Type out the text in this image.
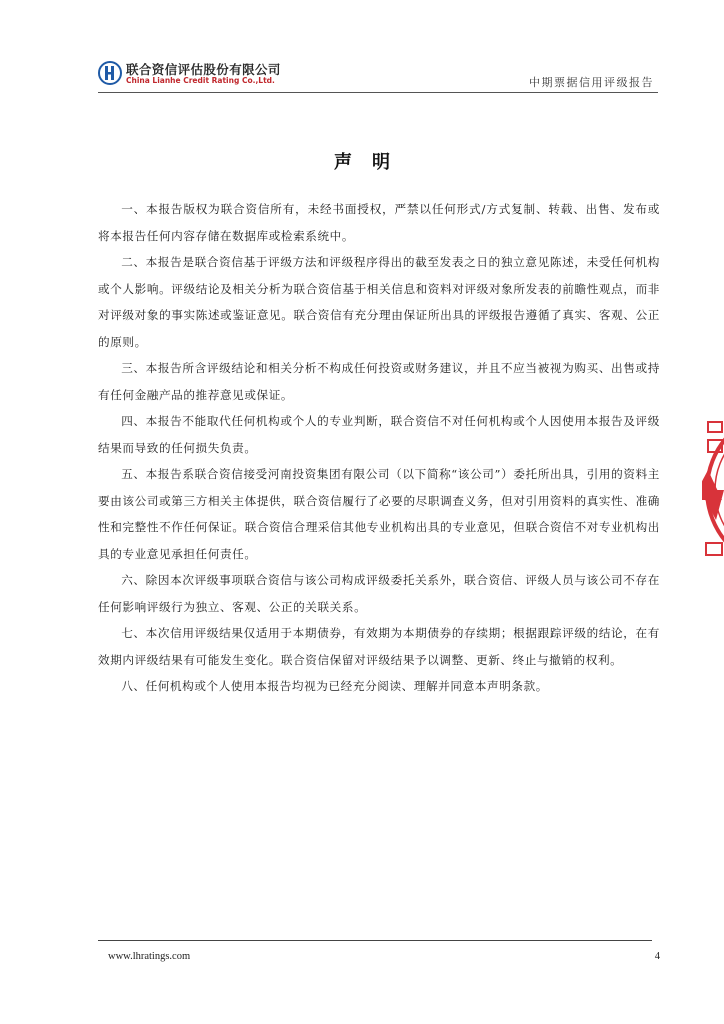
联合资信评估股份有限公司
China Lianhe Credit Rating Co.,Ltd.	中期票据信用评级报告
声明

一、本报告版权为联合资信所有，未经书面授权，严禁以任何形式/方式复制、转载、出售、发布或将本报告任何内容存储在数据库或检索系统中。

二、本报告是联合资信基于评级方法和评级程序得出的截至发表之日的独立意见陈述，未受任何机构或个人影响。评级结论及相关分析为联合资信基于相关信息和资料对评级对象所发表的前瞻性观点，而非对评级对象的事实陈述或鉴证意见。联合资信有充分理由保证所出具的评级报告遵循了真实、客观、公正的原则。

三、本报告所含评级结论和相关分析不构成任何投资或财务建议，并且不应当被视为购买、出售或持有任何金融产品的推荐意见或保证。

四、本报告不能取代任何机构或个人的专业判断，联合资信不对任何机构或个人因使用本报告及评级结果而导致的任何损失负责。

五、本报告系联合资信接受河南投资集团有限公司（以下简称“该公司”）委托所出具，引用的资料主要由该公司或第三方相关主体提供，联合资信履行了必要的尽职调查义务，但对引用资料的真实性、准确性和完整性不作任何保证。联合资信合理采信其他专业机构出具的专业意见，但联合资信不对专业机构出具的专业意见承担任何责任。

六、除因本次评级事项联合资信与该公司构成评级委托关系外，联合资信、评级人员与该公司不存在任何影响评级行为独立、客观、公正的关联关系。

七、本次信用评级结果仅适用于本期债券，有效期为本期债券的存续期；根据跟踪评级的结论，在有效期内评级结果有可能发生变化。联合资信保留对评级结果予以调整、更新、终止与撤销的权利。

八、任何机构或个人使用本报告均视为已经充分阅读、理解并同意本声明条款。

www.lhratings.com	4
